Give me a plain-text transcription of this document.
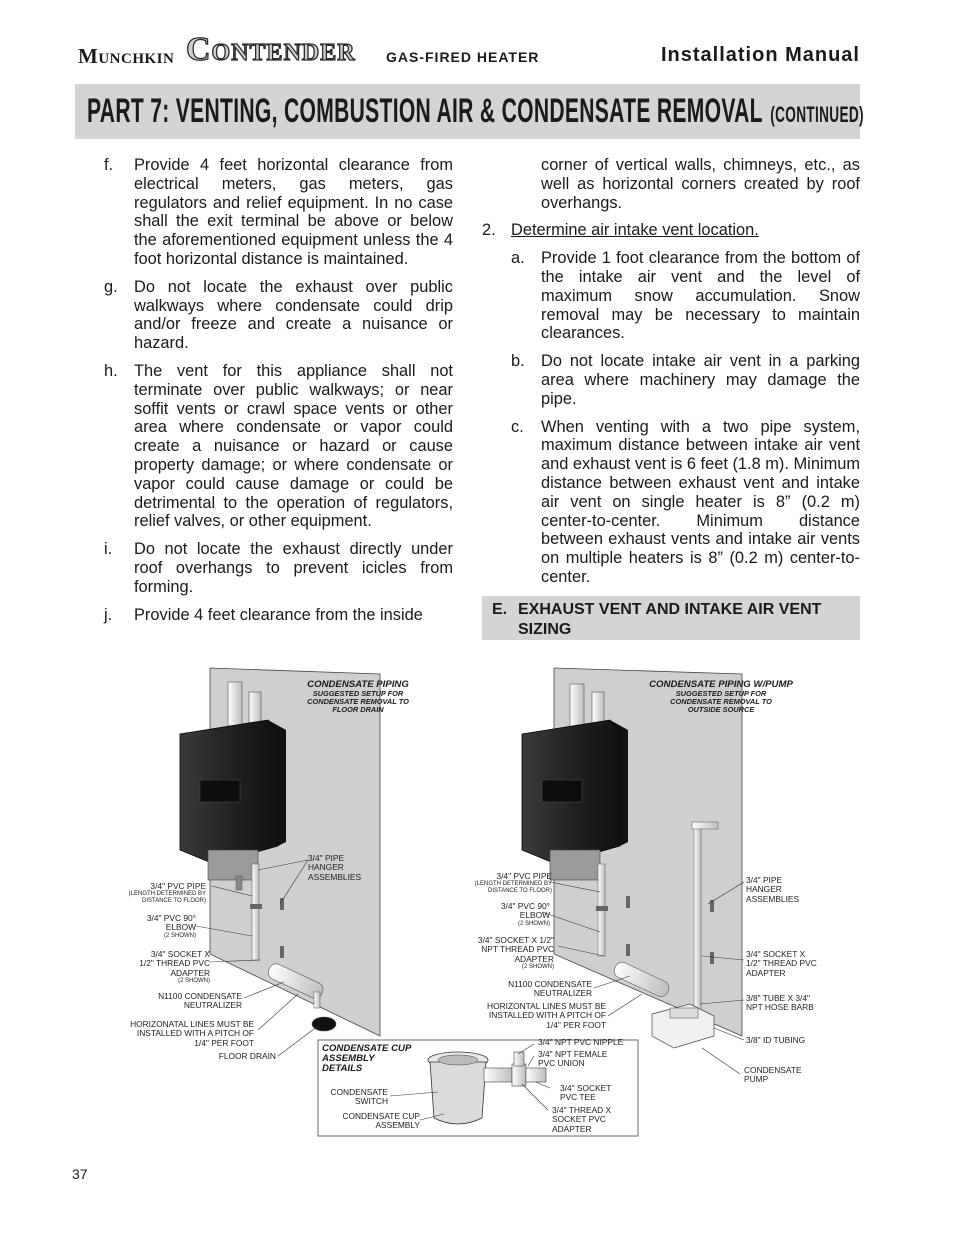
Munchkin Contender GAS-FIRED HEATER	Installation Manual
PART 7: VENTING, COMBUSTION AIR & CONDENSATE REMOVAL (CONTINUED)
f.	Provide 4 feet horizontal clearance from electrical meters, gas meters, gas regulators and relief equipment. In no case shall the exit terminal be above or below the aforementioned equipment unless the 4 foot horizontal distance is maintained.
g. Do not locate the exhaust over public walkways where condensate could drip and/or freeze and create a nuisance or hazard.
h. The vent for this appliance shall not terminate over public walkways; or near soffit vents or crawl space vents or other area where condensate or vapor could create a nuisance or hazard or cause property damage; or where condensate or vapor could cause damage or could be detrimental to the operation of regulators, relief valves, or other equipment.
i.	Do not locate the exhaust directly under roof overhangs to prevent icicles from forming.
j.	Provide 4 feet clearance from the inside
corner of vertical walls, chimneys, etc., as well as horizontal corners created by roof overhangs.
2. Determine air intake vent location.
a. Provide 1 foot clearance from the bottom of the intake air vent and the level of maximum snow accumulation. Snow removal may be necessary to maintain clearances.
b. Do not locate intake air vent in a parking area where machinery may damage the pipe.
c.	When venting with a two pipe system, maximum distance between intake air vent and exhaust vent is 6 feet (1.8 m). Minimum distance between exhaust vent and intake air vent on single heater is 8” (0.2 m) center-to-center. Minimum distance between exhaust vents and intake air vents on multiple heaters is 8” (0.2 m) center-to-center.
E. EXHAUST VENT AND INTAKE AIR VENT SIZING
CONDENSATE PIPING
SUGGESTED SETUP FOR CONDENSATE REMOVAL TO FLOOR DRAIN
CONDENSATE PIPING W/PUMP
SUGGESTED SETUP FOR CONDENSATE REMOVAL TO OUTSIDE SOURCE
CONDENSATE CUP ASSEMBLY DETAILS
3/4" PVC PIPE
(LENGTH DETERMINED BY DISTANCE TO FLOOR)
3/4" PIPE HANGER ASSEMBLIES
3/4" PVC 90° ELBOW
(2 SHOWN)
3/4" SOCKET X 1/2" THREAD PVC ADAPTER
(2 SHOWN)
N1100 CONDENSATE NEUTRALIZER
HORIZONATAL LINES MUST BE INSTALLED WITH A PITCH OF 1/4" PER FOOT
FLOOR DRAIN
3/4" PVC PIPE
(LENGTH DETERMINED BY DISTANCE TO FLOOR)
3/4" PVC 90° ELBOW
(2 SHOWN)
3/4" SOCKET X 1/2" NPT THREAD PVC ADAPTER
(2 SHOWN)
N1100 CONDENSATE NEUTRALIZER
HORIZONTAL LINES MUST BE INSTALLED WITH A PITCH OF 1/4" PER FOOT
3/4" PIPE HANGER ASSEMBLIES
3/4" SOCKET X 1/2" THREAD PVC ADAPTER
3/8" TUBE X 3/4" NPT HOSE BARB
3/8" ID TUBING
CONDENSATE PUMP
3/4" NPT PVC NIPPLE
3/4" NPT FEMALE PVC UNION
3/4" SOCKET PVC TEE
3/4" THREAD X SOCKET PVC ADAPTER
CONDENSATE SWITCH
CONDENSATE CUP ASSEMBLY
37
